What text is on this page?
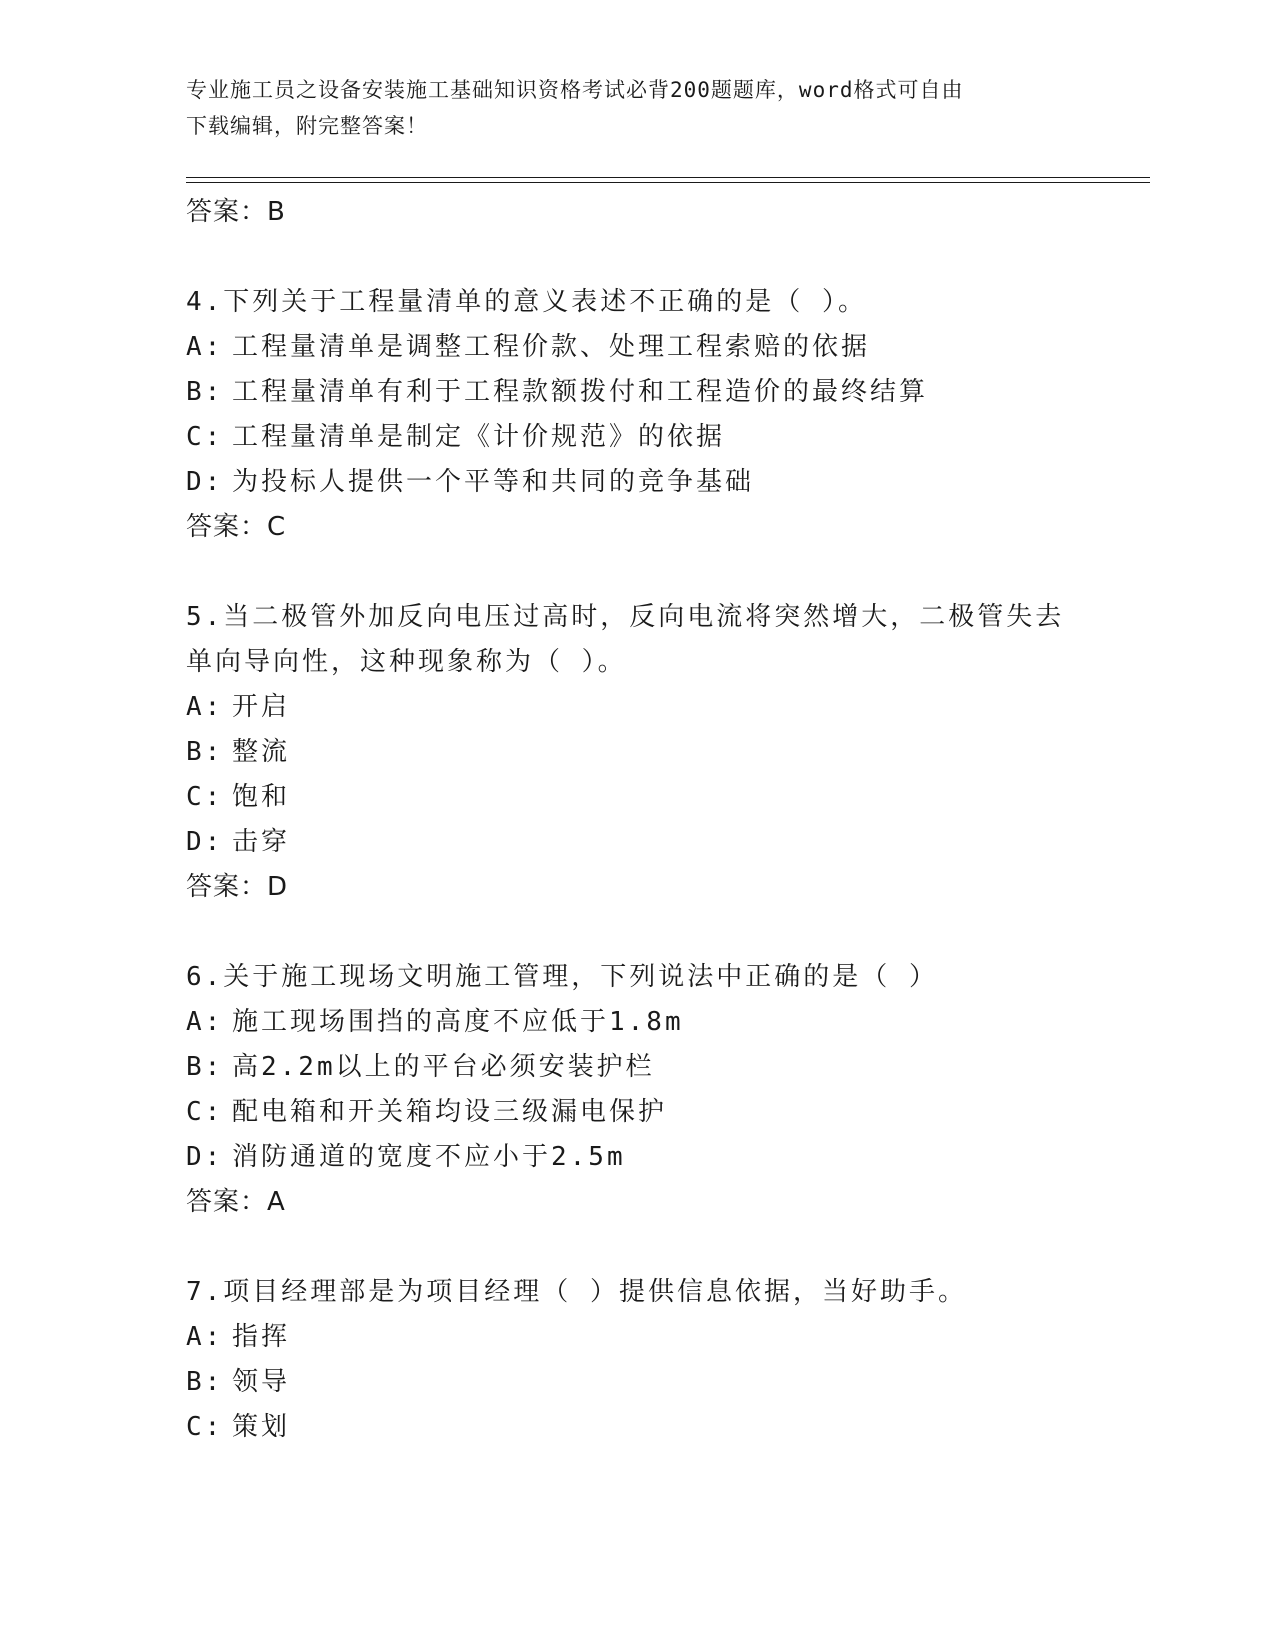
专业施工员之设备安装施工基础知识资格考试必背200题题库，word格式可自由
下载编辑，附完整答案！

答案：B

4.下列关于工程量清单的意义表述不正确的是（ ）。

A: 工程量清单是调整工程价款、处理工程索赔的依据

B: 工程量清单有利于工程款额拨付和工程造价的最终结算

C: 工程量清单是制定《计价规范》的依据

D: 为投标人提供一个平等和共同的竞争基础

答案：C

5.当二极管外加反向电压过高时，反向电流将突然增大，二极管失去

单向导向性，这种现象称为（ ）。

A: 开启

B: 整流

C: 饱和

D: 击穿

答案：D

6.关于施工现场文明施工管理，下列说法中正确的是（ ）

A: 施工现场围挡的高度不应低于1.8m

B: 高2.2m以上的平台必须安装护栏

C: 配电箱和开关箱均设三级漏电保护

D: 消防通道的宽度不应小于2.5m

答案：A

7.项目经理部是为项目经理（ ）提供信息依据，当好助手。

A: 指挥

B: 领导

C: 策划
